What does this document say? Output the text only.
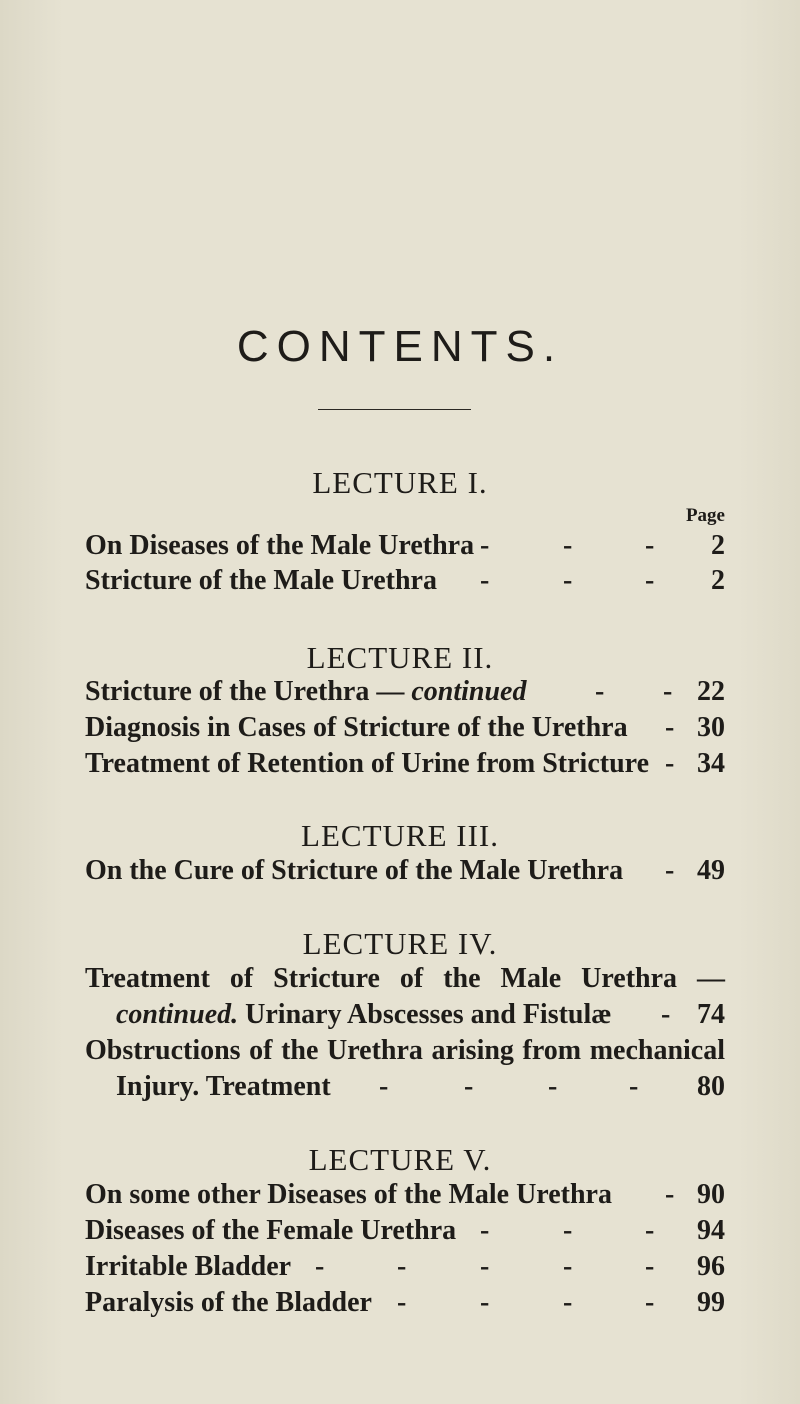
CONTENTS.
LECTURE I.
Page
On Diseases of the Male Urethra -	-	- 2
Stricture of the Male Urethra -	-	- 2
LECTURE II.
Stricture of the Urethra — continued - - 22
Diagnosis in Cases of Stricture of the Urethra - 30
Treatment of Retention of Urine from Stricture - 34
LECTURE III.
On the Cure of Stricture of the Male Urethra - 49
LECTURE IV.
Treatment of Stricture of the Male Urethra —
continued. Urinary Abscesses and Fistulæ - 74
Obstructions of the Urethra arising from mechanical
Injury. Treatment -	-	-	- 80
LECTURE V.
On some other Diseases of the Male Urethra - 90
Diseases of the Female Urethra -	-	- 94
Irritable Bladder -	-	-	-	- 96
Paralysis of the Bladder -	-	-	- 99
